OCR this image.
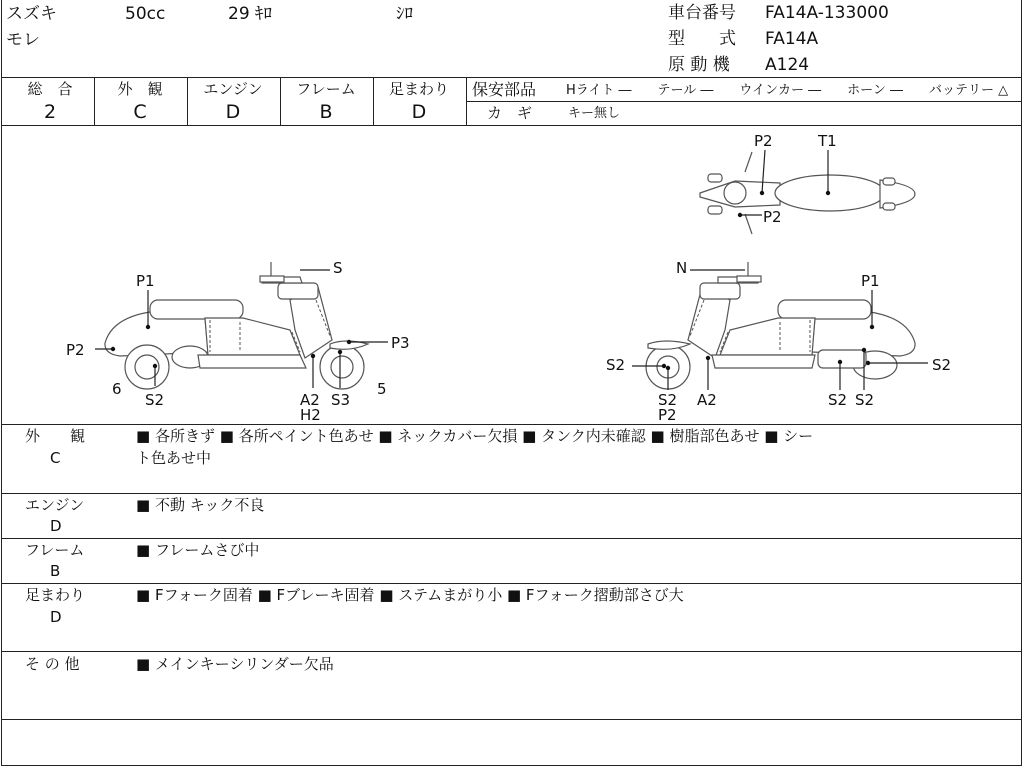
スズキ	50cc	29 ｷﾛ	ｼﾛ
モレ
車台番号 FA14A-133000
型　　式 FA14A
原 動 機 A124
総　合	外　観	エンジン	フレーム	足まわり
2	C	D	B	D
保安部品 Hライト ―　　テール ―　　ウインカー ―　　ホーン ―　　バッテリー △
カ　ギ	キー無し
S
P1
P2	P3
6
S2	A2 S3
5
H2
N
P1
S2	S2
S2	S2
P2
A2	S2
P2	T1
P2
外　　観
C
■ 各所きず ■ 各所ペイント色あせ ■ ネックカバー欠損 ■ タンク内未確認 ■ 樹脂部色あせ ■ シー
ト色あせ中
エンジン
D
■ 不動 キック不良
フレーム
B
■ フレームさび中
足まわり
D
■ Fフォーク固着 ■ Fブレーキ固着 ■ ステムまがり小 ■ Fフォーク摺動部さび大
そ の 他	■ メインキーシリンダー欠品
